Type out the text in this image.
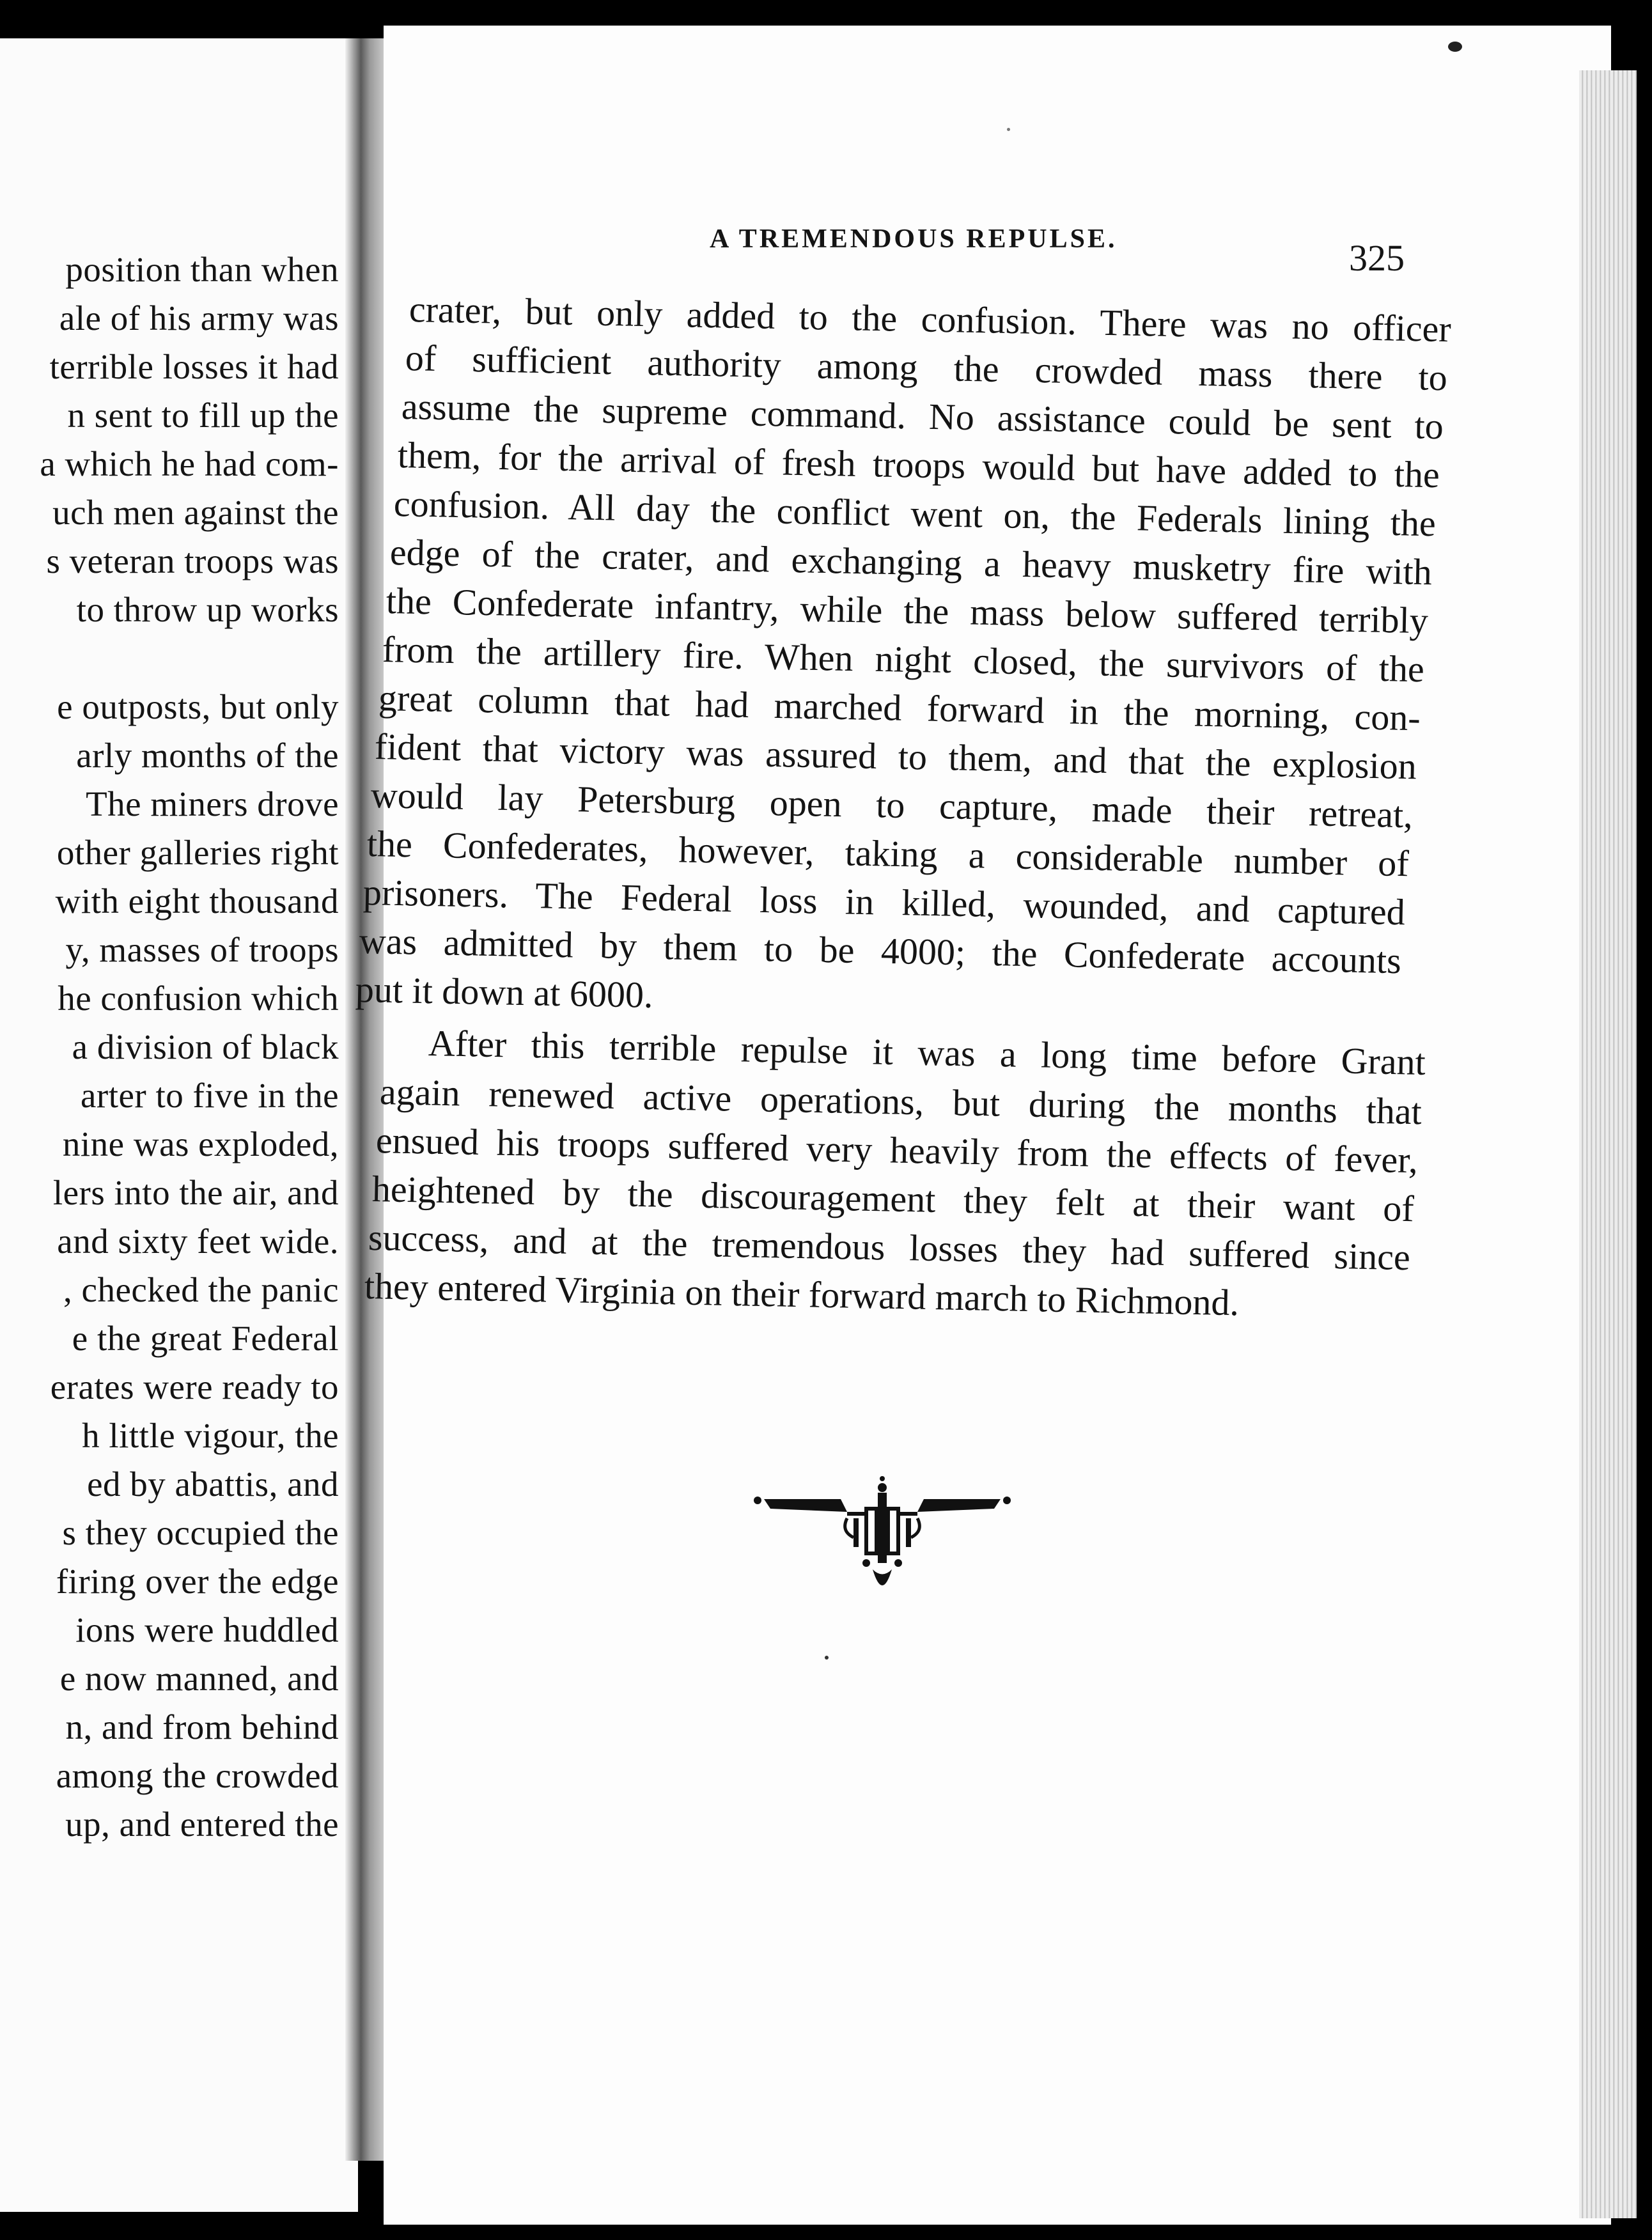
position than when
ale of his army was
terrible losses it had
n sent to fill up the
a which he had com-
uch men against the
s veteran troops was
to throw up works
e outposts, but only
arly months of the
The miners drove
other galleries right
with eight thousand
y, masses of troops
he confusion which
a division of black
arter to five in the
nine was exploded,
lers into the air, and
and sixty feet wide.
, checked the panic
e the great Federal
erates were ready to
h little vigour, the
ed by abattis, and
s they occupied the
firing over the edge
ions were huddled
e now manned, and
n, and from behind
among the crowded
up, and entered the
A TREMENDOUS REPULSE.	325
crater, but only added to the confusion. There was no officer
of sufficient authority among the crowded mass there to
assume the supreme command. No assistance could be sent to
them, for the arrival of fresh troops would but have added to the
confusion. All day the conflict went on, the Federals lining the
edge of the crater, and exchanging a heavy musketry fire with
the Confederate infantry, while the mass below suffered terribly
from the artillery fire. When night closed, the survivors of the
great column that had marched forward in the morning, con-
fident that victory was assured to them, and that the explosion
would lay Petersburg open to capture, made their retreat,
the Confederates, however, taking a considerable number of
prisoners. The Federal loss in killed, wounded, and captured
was admitted by them to be 4000; the Confederate accounts
put it down at 6000.
After this terrible repulse it was a long time before Grant
again renewed active operations, but during the months that
ensued his troops suffered very heavily from the effects of fever,
heightened by the discouragement they felt at their want of
success, and at the tremendous losses they had suffered since
they entered Virginia on their forward march to Richmond.
